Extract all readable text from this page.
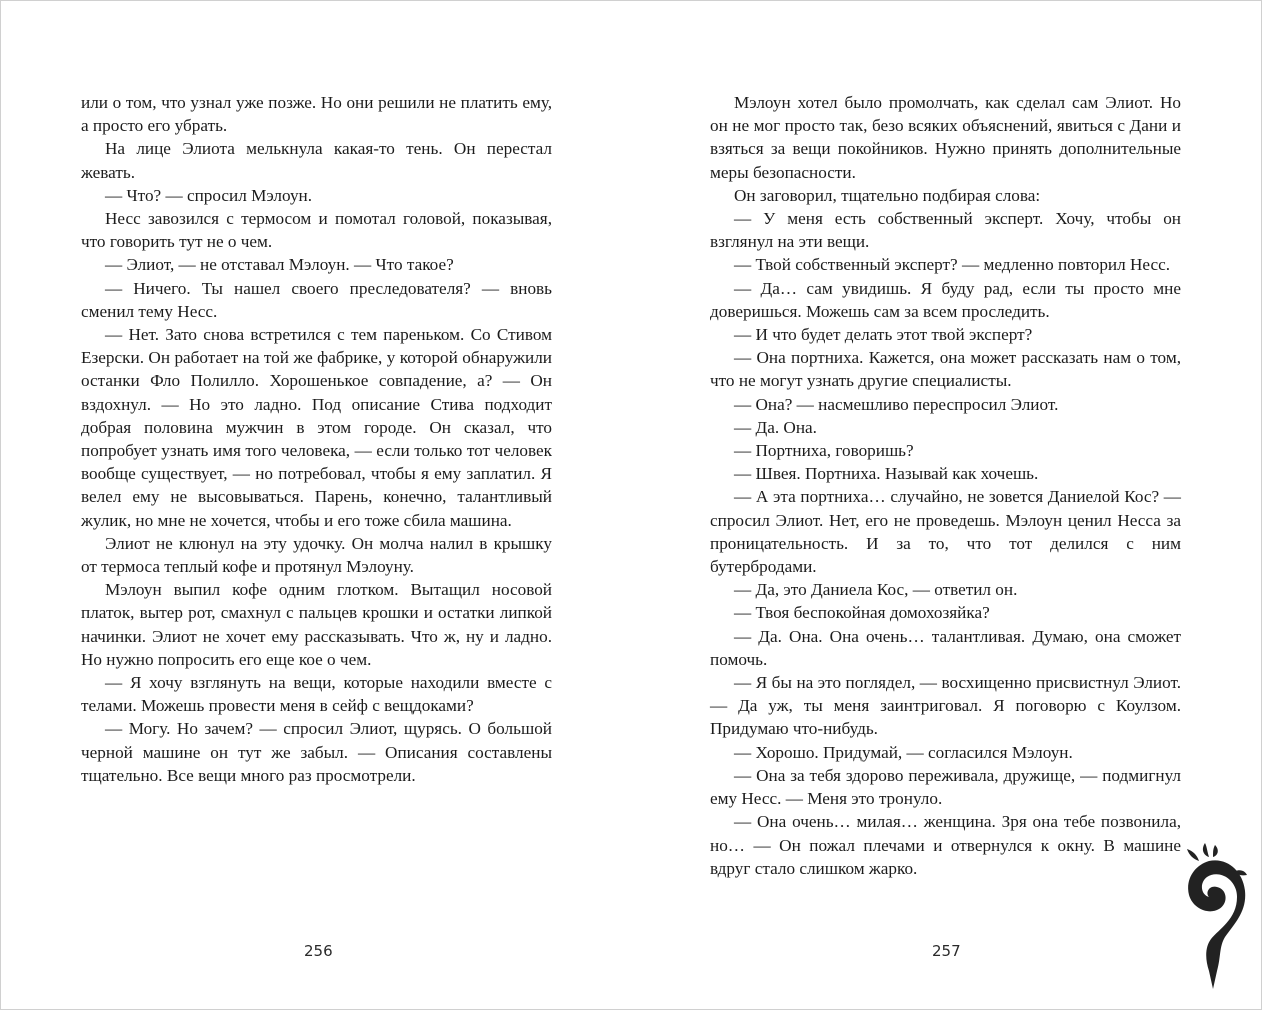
или о том, что узнал уже позже. Но они решили не платить ему, а просто его убрать.

На лице Элиота мелькнула какая-то тень. Он перестал жевать.

— Что? — спросил Мэлоун.

Несс завозился с термосом и помотал головой, показывая, что говорить тут не о чем.

— Элиот, — не отставал Мэлоун. — Что такое?

— Ничего. Ты нашел своего преследователя? — вновь сменил тему Несс.

— Нет. Зато снова встретился с тем пареньком. Со Стивом Езерски. Он работает на той же фабрике, у которой обнаружили останки Фло Полилло. Хорошенькое совпадение, а? — Он вздохнул. — Но это ладно. Под описание Стива подходит добрая половина мужчин в этом городе. Он сказал, что попробует узнать имя того человека, — если только тот человек вообще существует, — но потребовал, чтобы я ему заплатил. Я велел ему не высовываться. Парень, конечно, талантливый жулик, но мне не хочется, чтобы и его тоже сбила машина.

Элиот не клюнул на эту удочку. Он молча налил в крышку от термоса теплый кофе и протянул Мэлоуну.

Мэлоун выпил кофе одним глотком. Вытащил носовой платок, вытер рот, смахнул с пальцев крошки и остатки липкой начинки. Элиот не хочет ему рассказывать. Что ж, ну и ладно. Но нужно попросить его еще кое о чем.

— Я хочу взглянуть на вещи, которые находили вместе с телами. Можешь провести меня в сейф с вещдоками?

— Могу. Но зачем? — спросил Элиот, щурясь. О большой черной машине он тут же забыл. — Описания составлены тщательно. Все вещи много раз просмотрели.

256

Мэлоун хотел было промолчать, как сделал сам Элиот. Но он не мог просто так, безо всяких объяснений, явиться с Дани и взяться за вещи покойников. Нужно принять дополнительные меры безопасности.

Он заговорил, тщательно подбирая слова:

— У меня есть собственный эксперт. Хочу, чтобы он взглянул на эти вещи.

— Твой собственный эксперт? — медленно повторил Несс.

— Да… сам увидишь. Я буду рад, если ты просто мне доверишься. Можешь сам за всем проследить.

— И что будет делать этот твой эксперт?

— Она портниха. Кажется, она может рассказать нам о том, что не могут узнать другие специалисты.

— Она? — насмешливо переспросил Элиот.

— Да. Она.

— Портниха, говоришь?

— Швея. Портниха. Называй как хочешь.

— А эта портниха… случайно, не зовется Даниелой Кос? — спросил Элиот. Нет, его не проведешь. Мэлоун ценил Несса за проницательность. И за то, что тот делился с ним бутербродами.

— Да, это Даниела Кос, — ответил он.

— Твоя беспокойная домохозяйка?

— Да. Она. Она очень… талантливая. Думаю, она сможет помочь.

— Я бы на это поглядел, — восхищенно присвистнул Элиот. — Да уж, ты меня заинтриговал. Я поговорю с Коулзом. Придумаю что-нибудь.

— Хорошо. Придумай, — согласился Мэлоун.

— Она за тебя здорово переживала, дружище, — подмигнул ему Несс. — Меня это тронуло.

— Она очень… милая… женщина. Зря она тебе позвонила, но… — Он пожал плечами и отвернулся к окну. В машине вдруг стало слишком жарко.

257
